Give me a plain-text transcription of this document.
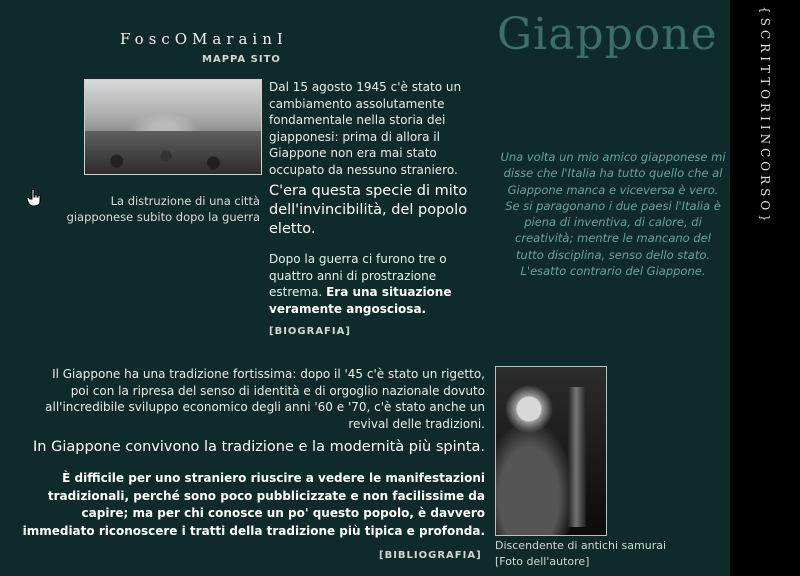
FoscOMarainI
MAPPA SITO
La distruzione di una città giapponese subito dopo la guerra
Dal 15 agosto 1945 c'è stato un cambiamento assolutamente fondamentale nella storia dei giapponesi: prima di allora il Giappone non era mai stato occupato da nessuno straniero.
C'era questa specie di mito dell'invincibilità, del popolo eletto.
Dopo la guerra ci furono tre o quattro anni di prostrazione estrema. Era una situazione veramente angosciosa.
[BIOGRAFIA]
Giappone
Una volta un mio amico giapponese mi disse che l'Italia ha tutto quello che al Giappone manca e viceversa è vero. Se si paragonano i due paesi l'Italia è piena di inventiva, di calore, di creatività; mentre le mancano del tutto disciplina, senso dello stato. L'esatto contrario del Giappone.
{SCRITTORIINCORSO}
Il Giappone ha una tradizione fortissima: dopo il '45 c'è stato un rigetto, poi con la ripresa del senso di identità e di orgoglio nazionale dovuto all'incredibile sviluppo economico degli anni '60 e '70, c'è stato anche un revival delle tradizioni.
In Giappone convivono la tradizione e la modernità più spinta.
È difficile per uno straniero riuscire a vedere le manifestazioni tradizionali, perché sono poco pubblicizzate e non facilissime da capire; ma per chi conosce un po' questo popolo, è davvero immediato riconoscere i tratti della tradizione più tipica e profonda.
[BIBLIOGRAFIA]
Discendente di antichi samurai
[Foto dell'autore]
